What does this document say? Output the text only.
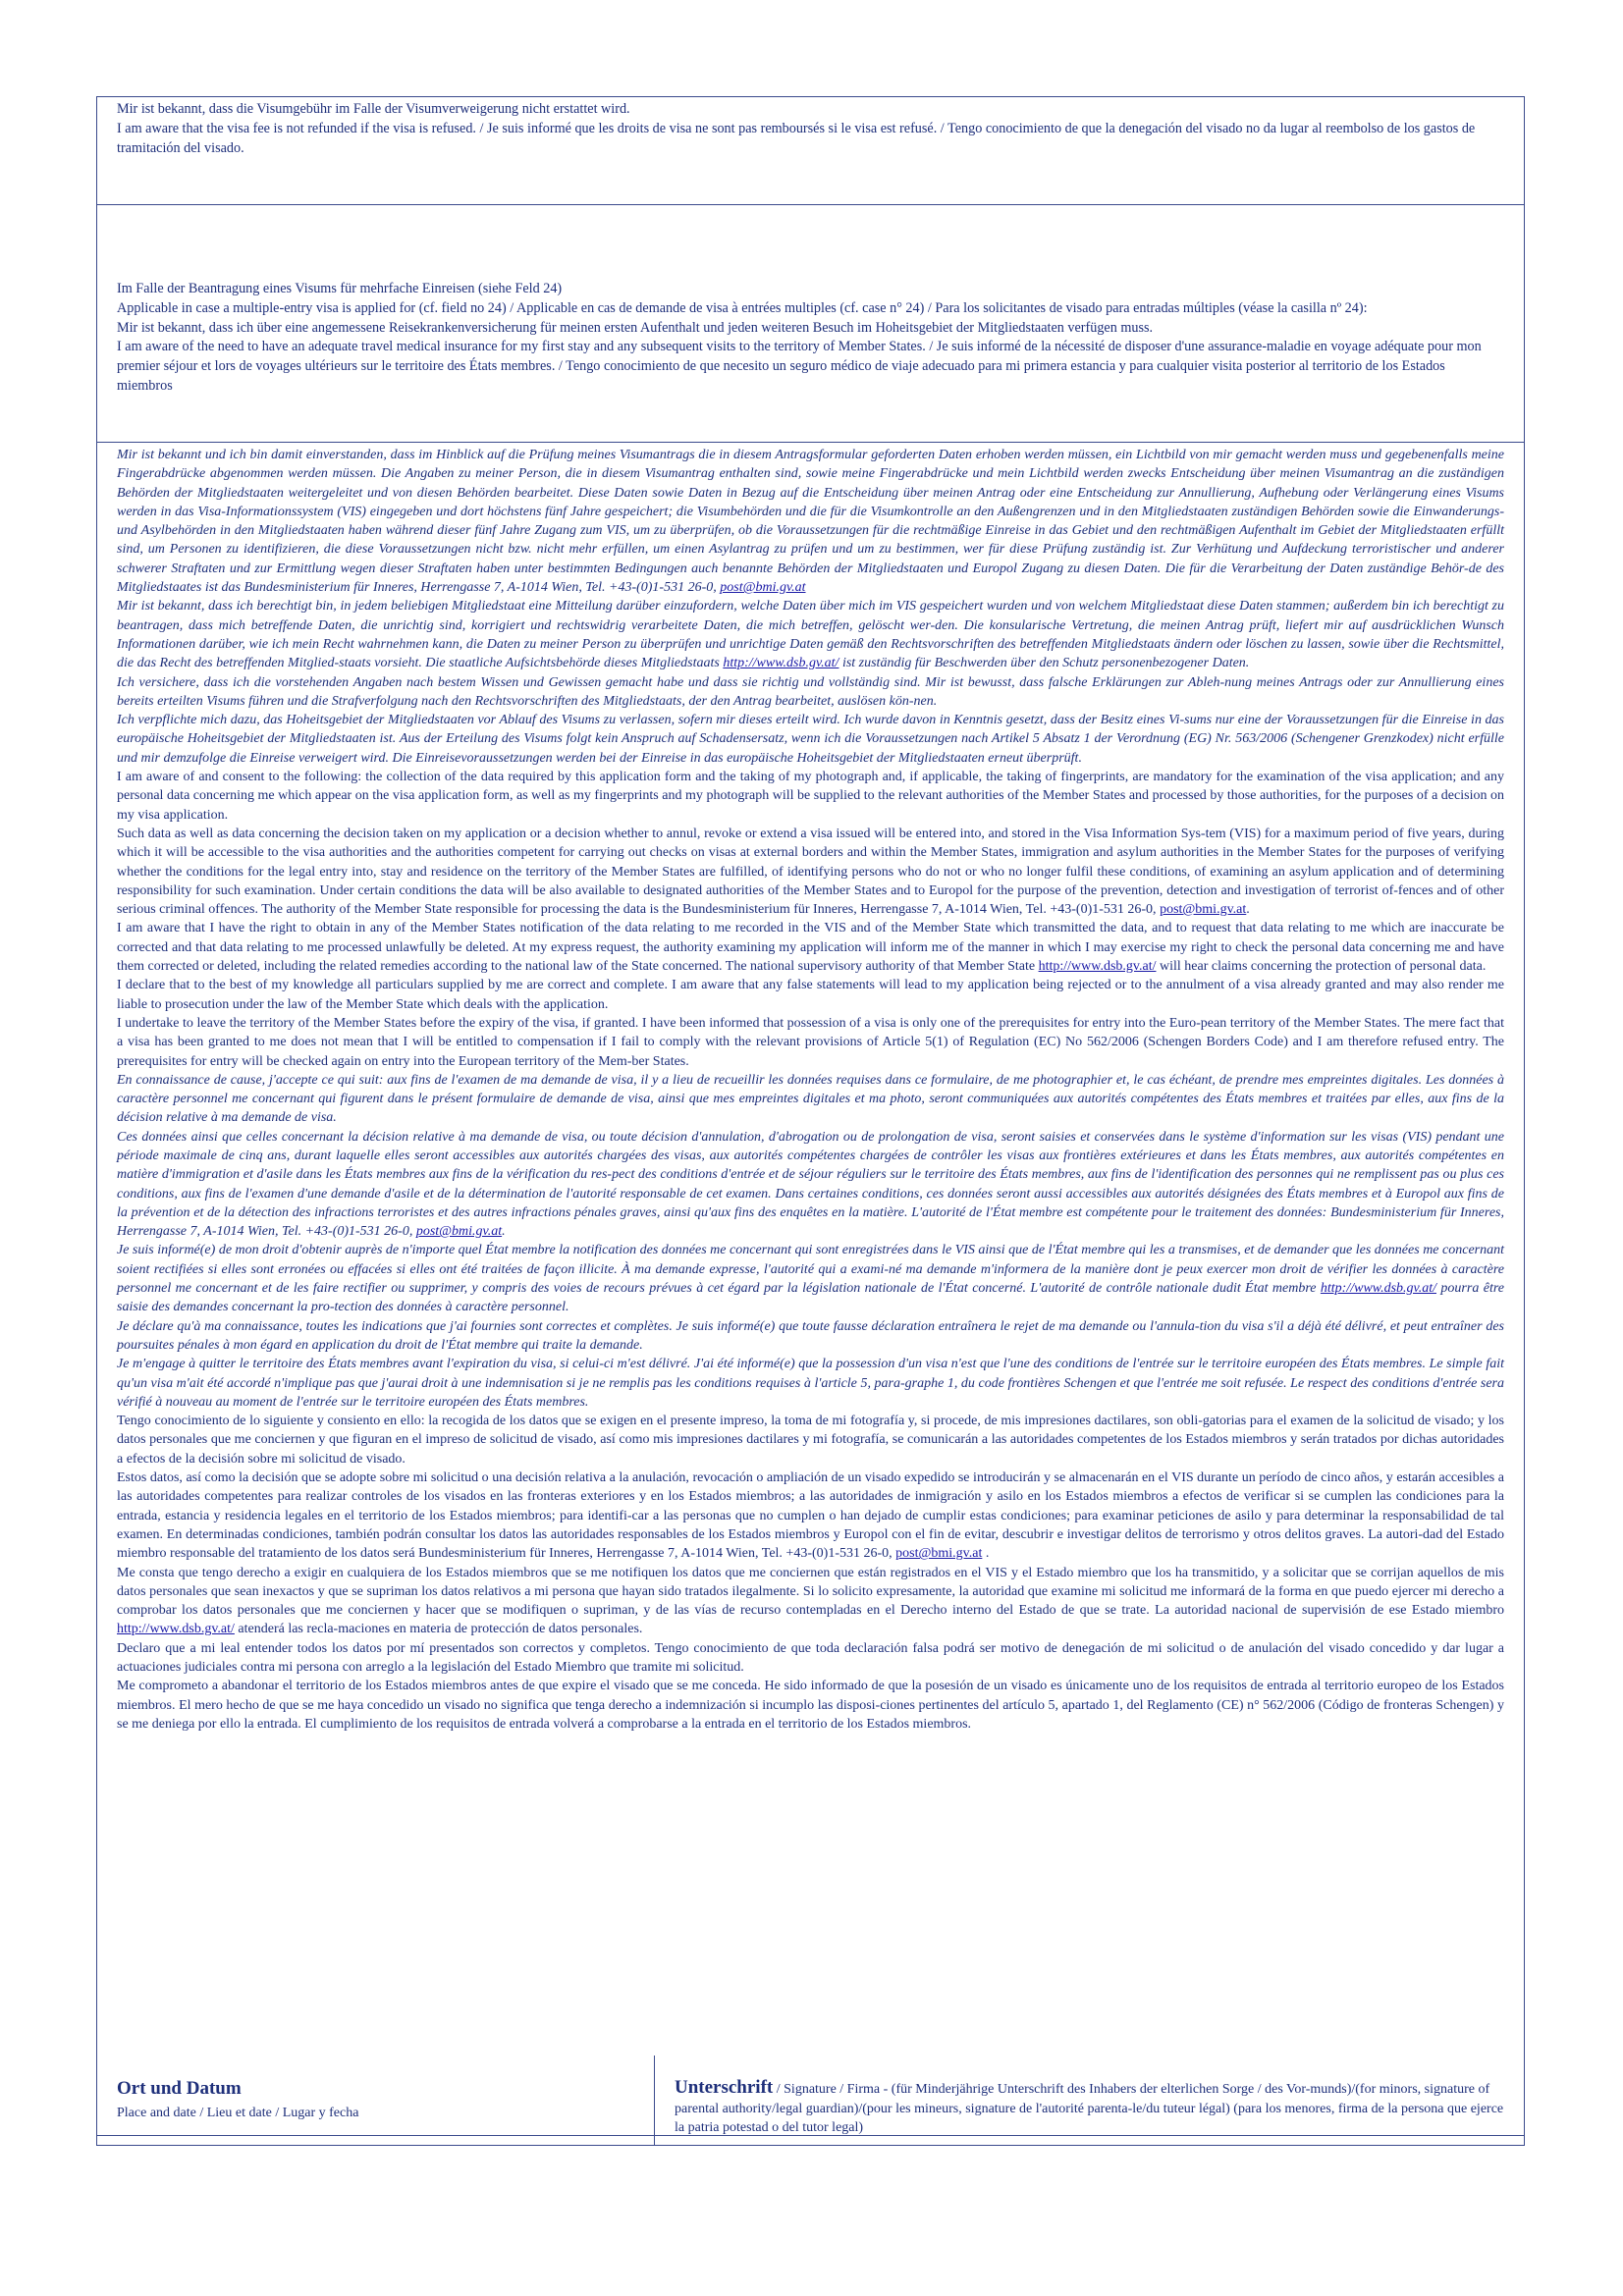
Mir ist bekannt, dass die Visumgebühr im Falle der Visumverweigerung nicht erstattet wird.

I am aware that the visa fee is not refunded if the visa is refused. / Je suis informé que les droits de visa ne sont pas remboursés si le visa est refusé. / Tengo conocimiento de que la denegación del visado no da lugar al reembolso de los gastos de tramitación del visado.

Im Falle der Beantragung eines Visums für mehrfache Einreisen (siehe Feld 24)

Applicable in case a multiple-entry visa is applied for (cf. field no 24) / Applicable en cas de demande de visa à entrées multiples (cf. case n° 24) / Para los solicitantes de visado para entradas múltiples (véase la casilla nº 24):

Mir ist bekannt, dass ich über eine angemessene Reisekrankenversicherung für meinen ersten Aufenthalt und jeden weiteren Besuch im Hoheitsgebiet der Mitgliedstaaten verfügen muss.

I am aware of the need to have an adequate travel medical insurance for my first stay and any subsequent visits to the territory of Member States. / Je suis informé de la nécessité de disposer d'une assurance-maladie en voyage adéquate pour mon premier séjour et lors de voyages ultérieurs sur le territoire des États membres. / Tengo conocimiento de que necesito un seguro médico de viaje adecuado para mi primera estancia y para cualquier visita posterior al territorio de los Estados miembros

Mir ist bekannt und ich bin damit einverstanden, dass im Hinblick auf die Prüfung meines Visumantrags die in diesem Antragsformular geforderten Daten erhoben werden müssen, ein Lichtbild von mir gemacht werden muss und gegebenenfalls meine Fingerabdrücke abgenommen werden müssen. Die Angaben zu meiner Person, die in diesem Visumantrag enthalten sind, sowie meine Fingerabdrücke und mein Lichtbild werden zwecks Entscheidung über meinen Visumantrag an die zuständigen Behörden der Mitgliedstaaten weitergeleitet und von diesen Behörden bearbeitet. Diese Daten sowie Daten in Bezug auf die Entscheidung über meinen Antrag oder eine Entscheidung zur Annullierung, Aufhebung oder Verlängerung eines Visums werden in das Visa-Informationssystem (VIS) eingegeben und dort höchstens fünf Jahre gespeichert; die Visumbehörden und die für die Visumkontrolle an den Außengrenzen und in den Mitgliedstaaten zuständigen Behörden sowie die Einwanderungs- und Asylbehörden in den Mitgliedstaaten haben während dieser fünf Jahre Zugang zum VIS, um zu überprüfen, ob die Voraussetzungen für die rechtmäßige Einreise in das Gebiet und den rechtmäßigen Aufenthalt im Gebiet der Mitgliedstaaten erfüllt sind, um Personen zu identifizieren, die diese Voraussetzungen nicht bzw. nicht mehr erfüllen, um einen Asylantrag zu prüfen und um zu bestimmen, wer für diese Prüfung zuständig ist. Zur Verhütung und Aufdeckung terroristischer und anderer schwerer Straftaten und zur Ermittlung wegen dieser Straftaten haben unter bestimmten Bedingungen auch benannte Behörden der Mitgliedstaaten und Europol Zugang zu diesen Daten. Die für die Verarbeitung der Daten zuständige Behör-de des Mitgliedstaates ist das Bundesministerium für Inneres, Herrengasse 7, A-1014 Wien, Tel. +43-(0)1-531 26-0, post@bmi.gv.at

Mir ist bekannt, dass ich berechtigt bin, in jedem beliebigen Mitgliedstaat eine Mitteilung darüber einzufordern, welche Daten über mich im VIS gespeichert wurden und von welchem Mitgliedstaat diese Daten stammen; außerdem bin ich berechtigt zu beantragen, dass mich betreffende Daten, die unrichtig sind, korrigiert und rechtswidrig verarbeitete Daten, die mich betreffen, gelöscht wer-den. Die konsularische Vertretung, die meinen Antrag prüft, liefert mir auf ausdrücklichen Wunsch Informationen darüber, wie ich mein Recht wahrnehmen kann, die Daten zu meiner Person zu überprüfen und unrichtige Daten gemäß den Rechtsvorschriften des betreffenden Mitgliedstaats ändern oder löschen zu lassen, sowie über die Rechtsmittel, die das Recht des betreffenden Mitglied-staats vorsieht. Die staatliche Aufsichtsbehörde dieses Mitgliedstaats http://www.dsb.gv.at/ ist zuständig für Beschwerden über den Schutz personenbezogener Daten.

Ich versichere, dass ich die vorstehenden Angaben nach bestem Wissen und Gewissen gemacht habe und dass sie richtig und vollständig sind. Mir ist bewusst, dass falsche Erklärungen zur Ableh-nung meines Antrags oder zur Annullierung eines bereits erteilten Visums führen und die Strafverfolgung nach den Rechtsvorschriften des Mitgliedstaats, der den Antrag bearbeitet, auslösen kön-nen.

Ich verpflichte mich dazu, das Hoheitsgebiet der Mitgliedstaaten vor Ablauf des Visums zu verlassen, sofern mir dieses erteilt wird. Ich wurde davon in Kenntnis gesetzt, dass der Besitz eines Vi-sums nur eine der Voraussetzungen für die Einreise in das europäische Hoheitsgebiet der Mitgliedstaaten ist. Aus der Erteilung des Visums folgt kein Anspruch auf Schadensersatz, wenn ich die Voraussetzungen nach Artikel 5 Absatz 1 der Verordnung (EG) Nr. 563/2006 (Schengener Grenzkodex) nicht erfülle und mir demzufolge die Einreise verweigert wird. Die Einreisevoraussetzungen werden bei der Einreise in das europäische Hoheitsgebiet der Mitgliedstaaten erneut überprüft.

I am aware of and consent to the following: the collection of the data required by this application form and the taking of my photograph and, if applicable, the taking of fingerprints, are mandatory for the examination of the visa application; and any personal data concerning me which appear on the visa application form, as well as my fingerprints and my photograph will be supplied to the relevant authorities of the Member States and processed by those authorities, for the purposes of a decision on my visa application.

Such data as well as data concerning the decision taken on my application or a decision whether to annul, revoke or extend a visa issued will be entered into, and stored in the Visa Information Sys-tem (VIS) for a maximum period of five years, during which it will be accessible to the visa authorities and the authorities competent for carrying out checks on visas at external borders and within the Member States, immigration and asylum authorities in the Member States for the purposes of verifying whether the conditions for the legal entry into, stay and residence on the territory of the Member States are fulfilled, of identifying persons who do not or who no longer fulfil these conditions, of examining an asylum application and of determining responsibility for such examination. Under certain conditions the data will be also available to designated authorities of the Member States and to Europol for the purpose of the prevention, detection and investigation of terrorist of-fences and of other serious criminal offences. The authority of the Member State responsible for processing the data is the Bundesministerium für Inneres, Herrengasse 7, A-1014 Wien, Tel. +43-(0)1-531 26-0, post@bmi.gv.at.

I am aware that I have the right to obtain in any of the Member States notification of the data relating to me recorded in the VIS and of the Member State which transmitted the data, and to request that data relating to me which are inaccurate be corrected and that data relating to me processed unlawfully be deleted. At my express request, the authority examining my application will inform me of the manner in which I may exercise my right to check the personal data concerning me and have them corrected or deleted, including the related remedies according to the national law of the State concerned. The national supervisory authority of that Member State http://www.dsb.gv.at/ will hear claims concerning the protection of personal data.

I declare that to the best of my knowledge all particulars supplied by me are correct and complete. I am aware that any false statements will lead to my application being rejected or to the annulment of a visa already granted and may also render me liable to prosecution under the law of the Member State which deals with the application.

I undertake to leave the territory of the Member States before the expiry of the visa, if granted. I have been informed that possession of a visa is only one of the prerequisites for entry into the Euro-pean territory of the Member States. The mere fact that a visa has been granted to me does not mean that I will be entitled to compensation if I fail to comply with the relevant provisions of Article 5(1) of Regulation (EC) No 562/2006 (Schengen Borders Code) and I am therefore refused entry. The prerequisites for entry will be checked again on entry into the European territory of the Mem-ber States.

En connaissance de cause, j'accepte ce qui suit: aux fins de l'examen de ma demande de visa, il y a lieu de recueillir les données requises dans ce formulaire, de me photographier et, le cas échéant, de prendre mes empreintes digitales. Les données à caractère personnel me concernant qui figurent dans le présent formulaire de demande de visa, ainsi que mes empreintes digitales et ma photo, seront communiquées aux autorités compétentes des États membres et traitées par elles, aux fins de la décision relative à ma demande de visa.

Ces données ainsi que celles concernant la décision relative à ma demande de visa, ou toute décision d'annulation, d'abrogation ou de prolongation de visa, seront saisies et conservées dans le système d'information sur les visas (VIS) pendant une période maximale de cinq ans, durant laquelle elles seront accessibles aux autorités chargées des visas, aux autorités compétentes chargées de contrôler les visas aux frontières extérieures et dans les États membres, aux autorités compétentes en matière d'immigration et d'asile dans les États membres aux fins de la vérification du res-pect des conditions d'entrée et de séjour réguliers sur le territoire des États membres, aux fins de l'identification des personnes qui ne remplissent pas ou plus ces conditions, aux fins de l'examen d'une demande d'asile et de la détermination de l'autorité responsable de cet examen. Dans certaines conditions, ces données seront aussi accessibles aux autorités désignées des États membres et à Europol aux fins de la prévention et de la détection des infractions terroristes et des autres infractions pénales graves, ainsi qu'aux fins des enquêtes en la matière. L'autorité de l'État membre est compétente pour le traitement des données: Bundesministerium für Inneres, Herrengasse 7, A-1014 Wien, Tel. +43-(0)1-531 26-0, post@bmi.gv.at.

Je suis informé(e) de mon droit d'obtenir auprès de n'importe quel État membre la notification des données me concernant qui sont enregistrées dans le VIS ainsi que de l'État membre qui les a transmises, et de demander que les données me concernant soient rectifiées si elles sont erronées ou effacées si elles ont été traitées de façon illicite. À ma demande expresse, l'autorité qui a exami-né ma demande m'informera de la manière dont je peux exercer mon droit de vérifier les données à caractère personnel me concernant et de les faire rectifier ou supprimer, y compris des voies de recours prévues à cet égard par la législation nationale de l'État concerné. L'autorité de contrôle nationale dudit État membre http://www.dsb.gv.at/ pourra être saisie des demandes concernant la pro-tection des données à caractère personnel.

Je déclare qu'à ma connaissance, toutes les indications que j'ai fournies sont correctes et complètes. Je suis informé(e) que toute fausse déclaration entraînera le rejet de ma demande ou l'annula-tion du visa s'il a déjà été délivré, et peut entraîner des poursuites pénales à mon égard en application du droit de l'État membre qui traite la demande.

Je m'engage à quitter le territoire des États membres avant l'expiration du visa, si celui-ci m'est délivré. J'ai été informé(e) que la possession d'un visa n'est que l'une des conditions de l'entrée sur le territoire européen des États membres. Le simple fait qu'un visa m'ait été accordé n'implique pas que j'aurai droit à une indemnisation si je ne remplis pas les conditions requises à l'article 5, para-graphe 1, du code frontières Schengen et que l'entrée me soit refusée. Le respect des conditions d'entrée sera vérifié à nouveau au moment de l'entrée sur le territoire européen des États membres.

Tengo conocimiento de lo siguiente y consiento en ello: la recogida de los datos que se exigen en el presente impreso, la toma de mi fotografía y, si procede, de mis impresiones dactilares, son obli-gatorias para el examen de la solicitud de visado; y los datos personales que me conciernen y que figuran en el impreso de solicitud de visado, así como mis impresiones dactilares y mi fotografía, se comunicarán a las autoridades competentes de los Estados miembros y serán tratados por dichas autoridades a efectos de la decisión sobre mi solicitud de visado.

Estos datos, así como la decisión que se adopte sobre mi solicitud o una decisión relativa a la anulación, revocación o ampliación de un visado expedido se introducirán y se almacenarán en el VIS durante un período de cinco años, y estarán accesibles a las autoridades competentes para realizar controles de los visados en las fronteras exteriores y en los Estados miembros; a las autoridades de inmigración y asilo en los Estados miembros a efectos de verificar si se cumplen las condiciones para la entrada, estancia y residencia legales en el territorio de los Estados miembros; para identifi-car a las personas que no cumplen o han dejado de cumplir estas condiciones; para examinar peticiones de asilo y para determinar la responsabilidad de tal examen. En determinadas condiciones, también podrán consultar los datos las autoridades responsables de los Estados miembros y Europol con el fin de evitar, descubrir e investigar delitos de terrorismo y otros delitos graves. La autori-dad del Estado miembro responsable del tratamiento de los datos será Bundesministerium für Inneres, Herrengasse 7, A-1014 Wien, Tel. +43-(0)1-531 26-0, post@bmi.gv.at .

Me consta que tengo derecho a exigir en cualquiera de los Estados miembros que se me notifiquen los datos que me conciernen que están registrados en el VIS y el Estado miembro que los ha transmitido, y a solicitar que se corrijan aquellos de mis datos personales que sean inexactos y que se supriman los datos relativos a mi persona que hayan sido tratados ilegalmente. Si lo solicito expresamente, la autoridad que examine mi solicitud me informará de la forma en que puedo ejercer mi derecho a comprobar los datos personales que me conciernen y hacer que se modifiquen o supriman, y de las vías de recurso contempladas en el Derecho interno del Estado de que se trate. La autoridad nacional de supervisión de ese Estado miembro http://www.dsb.gv.at/ atenderá las recla-maciones en materia de protección de datos personales.

Declaro que a mi leal entender todos los datos por mí presentados son correctos y completos. Tengo conocimiento de que toda declaración falsa podrá ser motivo de denegación de mi solicitud o de anulación del visado concedido y dar lugar a actuaciones judiciales contra mi persona con arreglo a la legislación del Estado Miembro que tramite mi solicitud.

Me comprometo a abandonar el territorio de los Estados miembros antes de que expire el visado que se me conceda. He sido informado de que la posesión de un visado es únicamente uno de los requisitos de entrada al territorio europeo de los Estados miembros. El mero hecho de que se me haya concedido un visado no significa que tenga derecho a indemnización si incumplo las disposi-ciones pertinentes del artículo 5, apartado 1, del Reglamento (CE) n° 562/2006 (Código de fronteras Schengen) y se me deniega por ello la entrada. El cumplimiento de los requisitos de entrada volverá a comprobarse a la entrada en el territorio de los Estados miembros.

Ort und Datum
Place and date / Lieu et date / Lugar y fecha
Unterschrift / Signature / Firma - (für Minderjährige Unterschrift des Inhabers der elterlichen Sorge / des Vor-munds)/(for minors, signature of parental authority/legal guardian)/(pour les mineurs, signature de l'autorité parenta-le/du tuteur légal) (para los menores, firma de la persona que ejerce la patria potestad o del tutor legal)
